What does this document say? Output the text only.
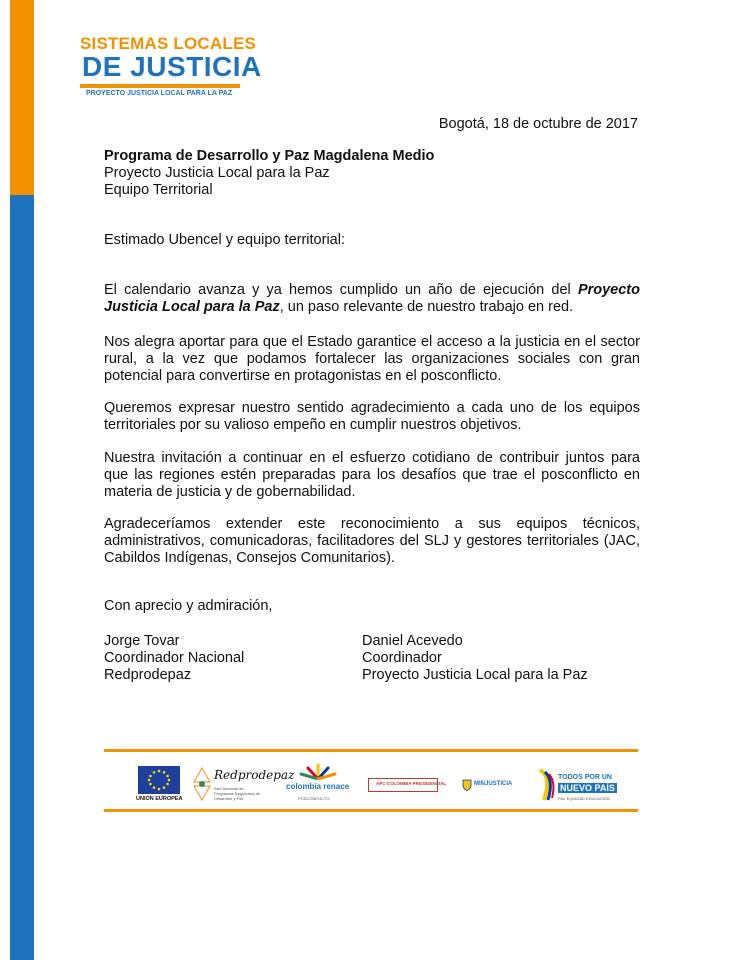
SISTEMAS LOCALES
DE JUSTICIA
PROYECTO JUSTICIA LOCAL PARA LA PAZ
Bogotá, 18 de octubre de 2017
Programa de Desarrollo y Paz Magdalena Medio
Proyecto Justicia Local para la Paz
Equipo Territorial
Estimado Ubencel y equipo territorial:

El calendario avanza y ya hemos cumplido un año de ejecución del Proyecto Justicia Local para la Paz, un paso relevante de nuestro trabajo en red.

Nos alegra aportar para que el Estado garantice el acceso a la justicia en el sector rural, a la vez que podamos fortalecer las organizaciones sociales con gran potencial para convertirse en protagonistas en el posconflicto.

Queremos expresar nuestro sentido agradecimiento a cada uno de los equipos territoriales por su valioso empeño en cumplir nuestros objetivos.

Nuestra invitación a continuar en el esfuerzo cotidiano de contribuir juntos para que las regiones estén preparadas para los desafíos que trae el posconflicto en materia de justicia y de gobernabilidad.

Agradeceríamos extender este reconocimiento a sus equipos técnicos, administrativos, comunicadoras, facilitadores del SLJ y gestores territoriales (JAC, Cabildos Indígenas, Consejos Comunitarios).

Con aprecio y admiración,
Jorge Tovar
Coordinador Nacional
Redprodepaz
Daniel Acevedo
Coordinador
Proyecto Justicia Local para la Paz
UNIÓN EUROPEA
Redprodepaz
Red Nacional de Programas Regionales de Desarrollo y Paz
colombia renace
POSCONFLICTO
APC-COLOMBIA PRESIDENCIAL	MINJUSTICIA
TODOS POR UN
NUEVO PAÍS
PAZ EQUIDAD EDUCACIÓN
